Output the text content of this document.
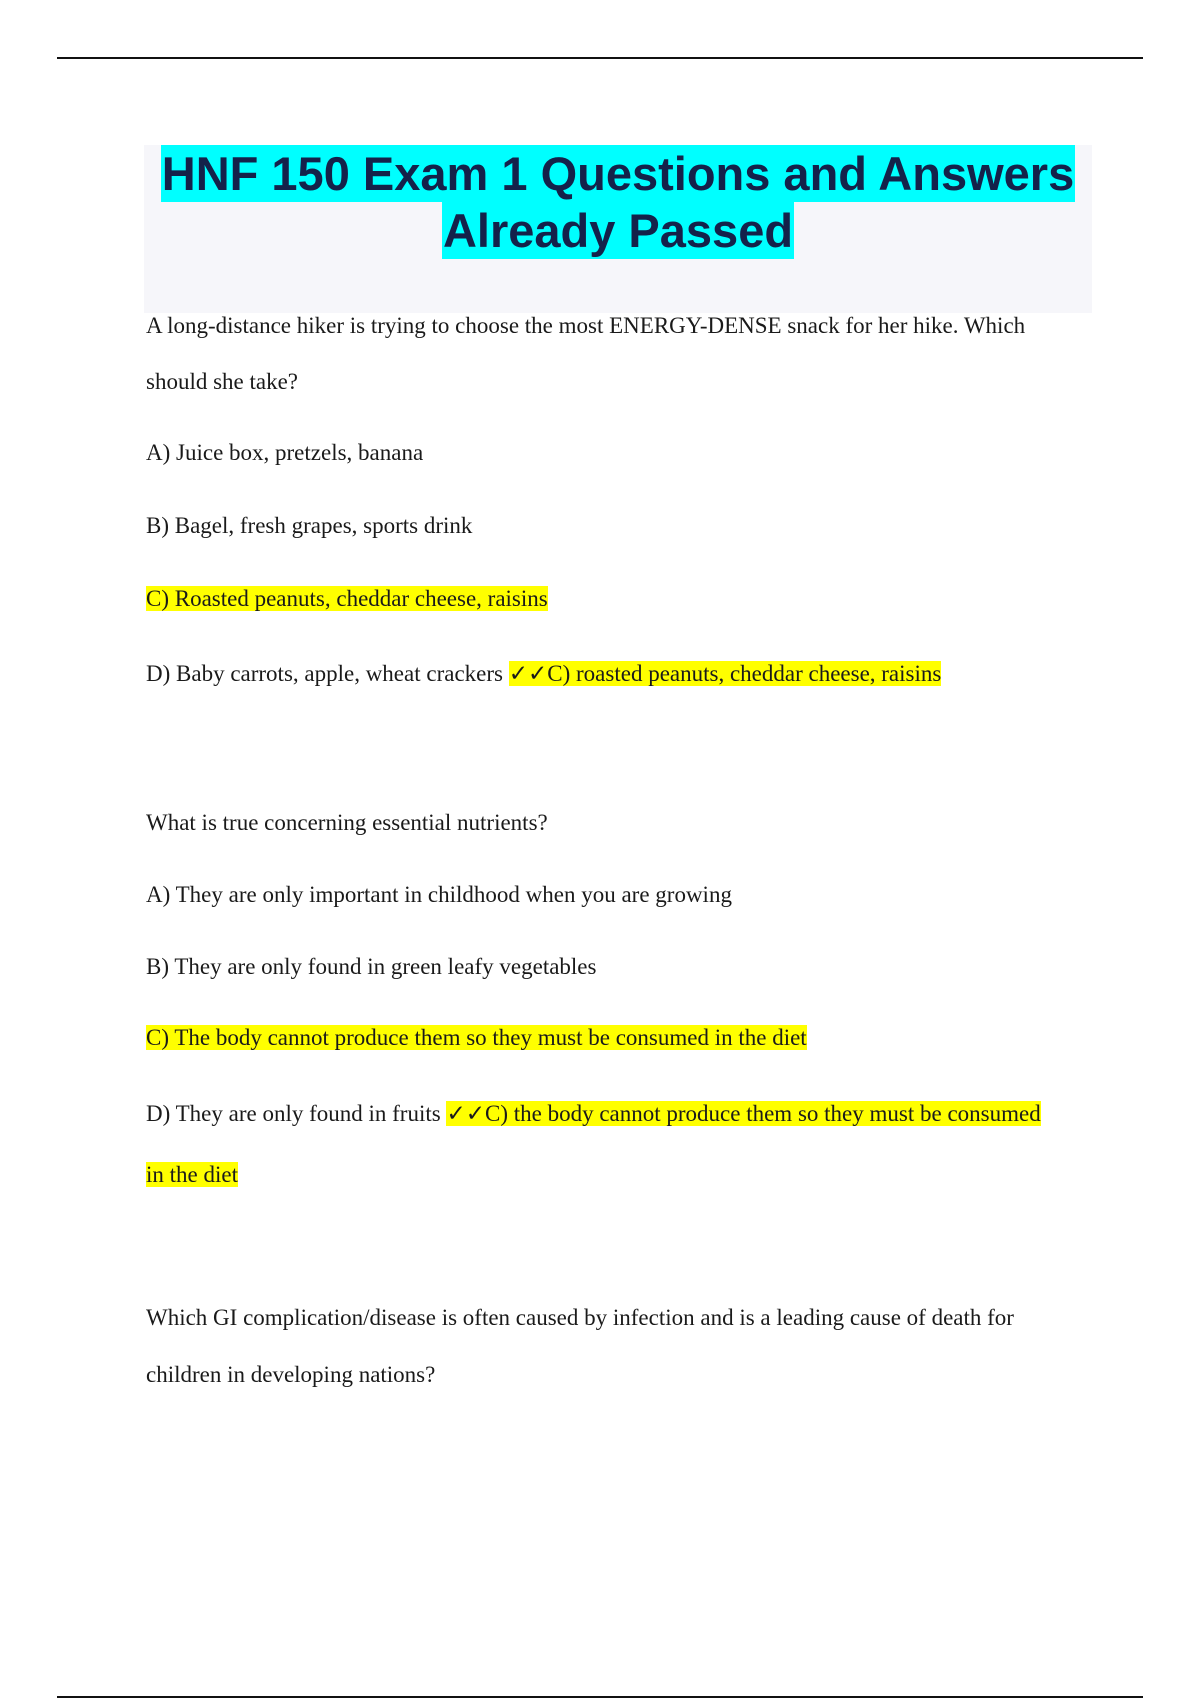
HNF 150 Exam 1 Questions and Answers
Already Passed

A long-distance hiker is trying to choose the most ENERGY-DENSE snack for her hike. Which

should she take?

A) Juice box, pretzels, banana

B) Bagel, fresh grapes, sports drink

C) Roasted peanuts, cheddar cheese, raisins

D) Baby carrots, apple, wheat crackers ✓✓C) roasted peanuts, cheddar cheese, raisins

What is true concerning essential nutrients?

A) They are only important in childhood when you are growing

B) They are only found in green leafy vegetables

C) The body cannot produce them so they must be consumed in the diet

D) They are only found in fruits ✓✓C) the body cannot produce them so they must be consumed

in the diet

Which GI complication/disease is often caused by infection and is a leading cause of death for

children in developing nations?
